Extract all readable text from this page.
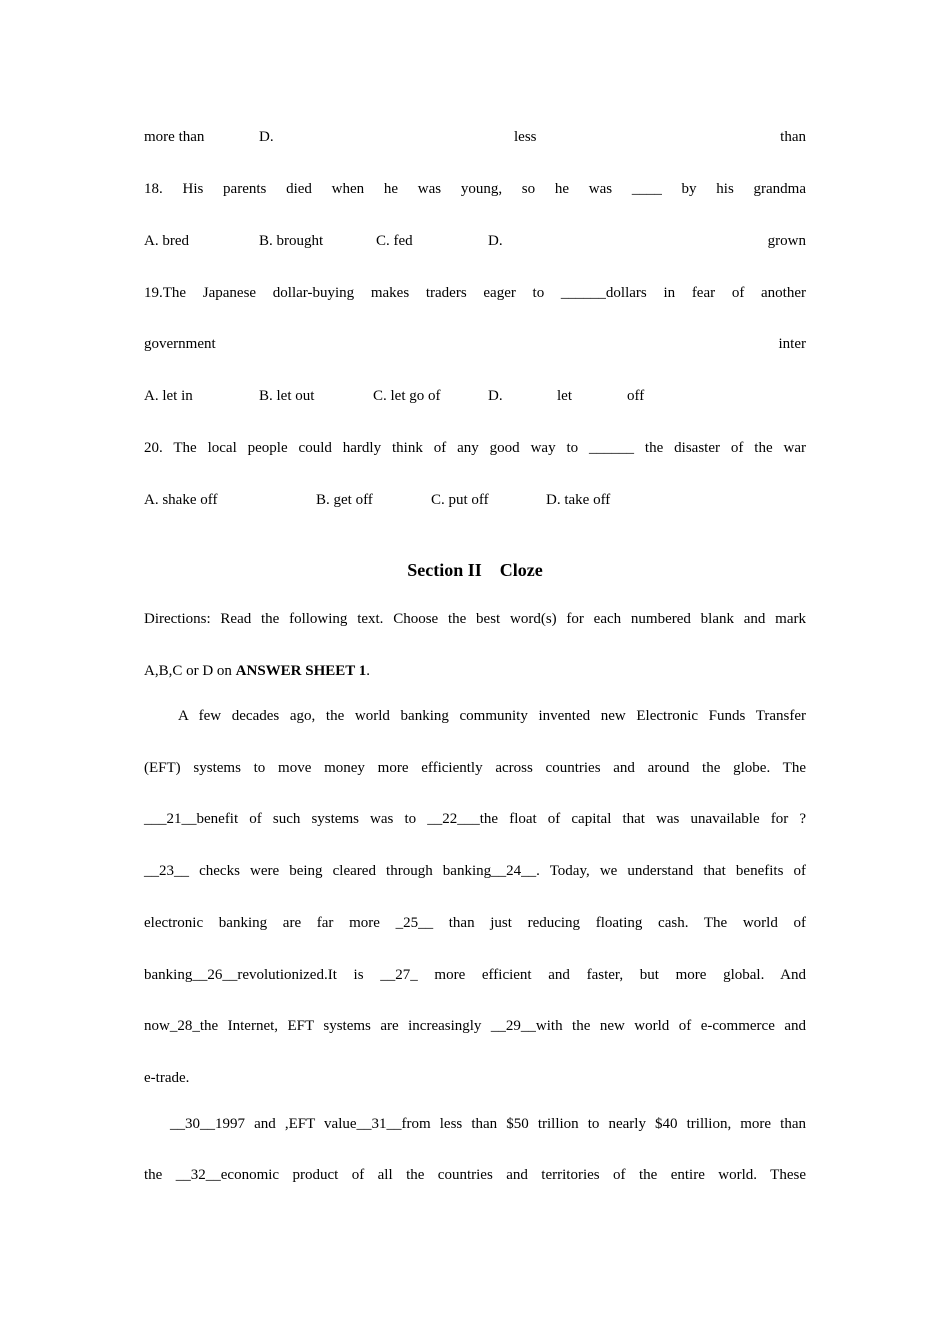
more than	D.	less	than
18. His parents died when he was young, so he was ____ by his grandma
A. bred	B. brought	C. fed	D.	grown
19.The Japanese dollar-buying makes traders eager to ______dollars in fear of another
government	inter
A. let in	B. let out	C. let go of	D.	let	off
20. The local people could hardly think of any good way to ______ the disaster of the war
A. shake off	B. get off	C. put off	D. take off
Section II    Cloze
Directions: Read the following text. Choose the best word(s) for each numbered blank and mark
A,B,C or D on ANSWER SHEET 1.
A few decades ago, the world banking community invented new Electronic Funds Transfer
(EFT) systems to move money more efficiently across countries and around the globe. The
___21__benefit of such systems was to __22___the float of capital that was unavailable for ?
__23__ checks were being cleared through banking__24__. Today, we understand that benefits of
electronic banking are far more _25__ than just reducing floating cash. The world of
banking__26__revolutionized.It is __27_ more efficient and faster, but more global. And
now_28_the Internet, EFT systems are increasingly __29__with the new world of e-commerce and
e-trade.
__30__1997 and ,EFT value__31__from less than $50 trillion to nearly $40 trillion, more than
the __32__economic product of all the countries and territories of the entire world. These
